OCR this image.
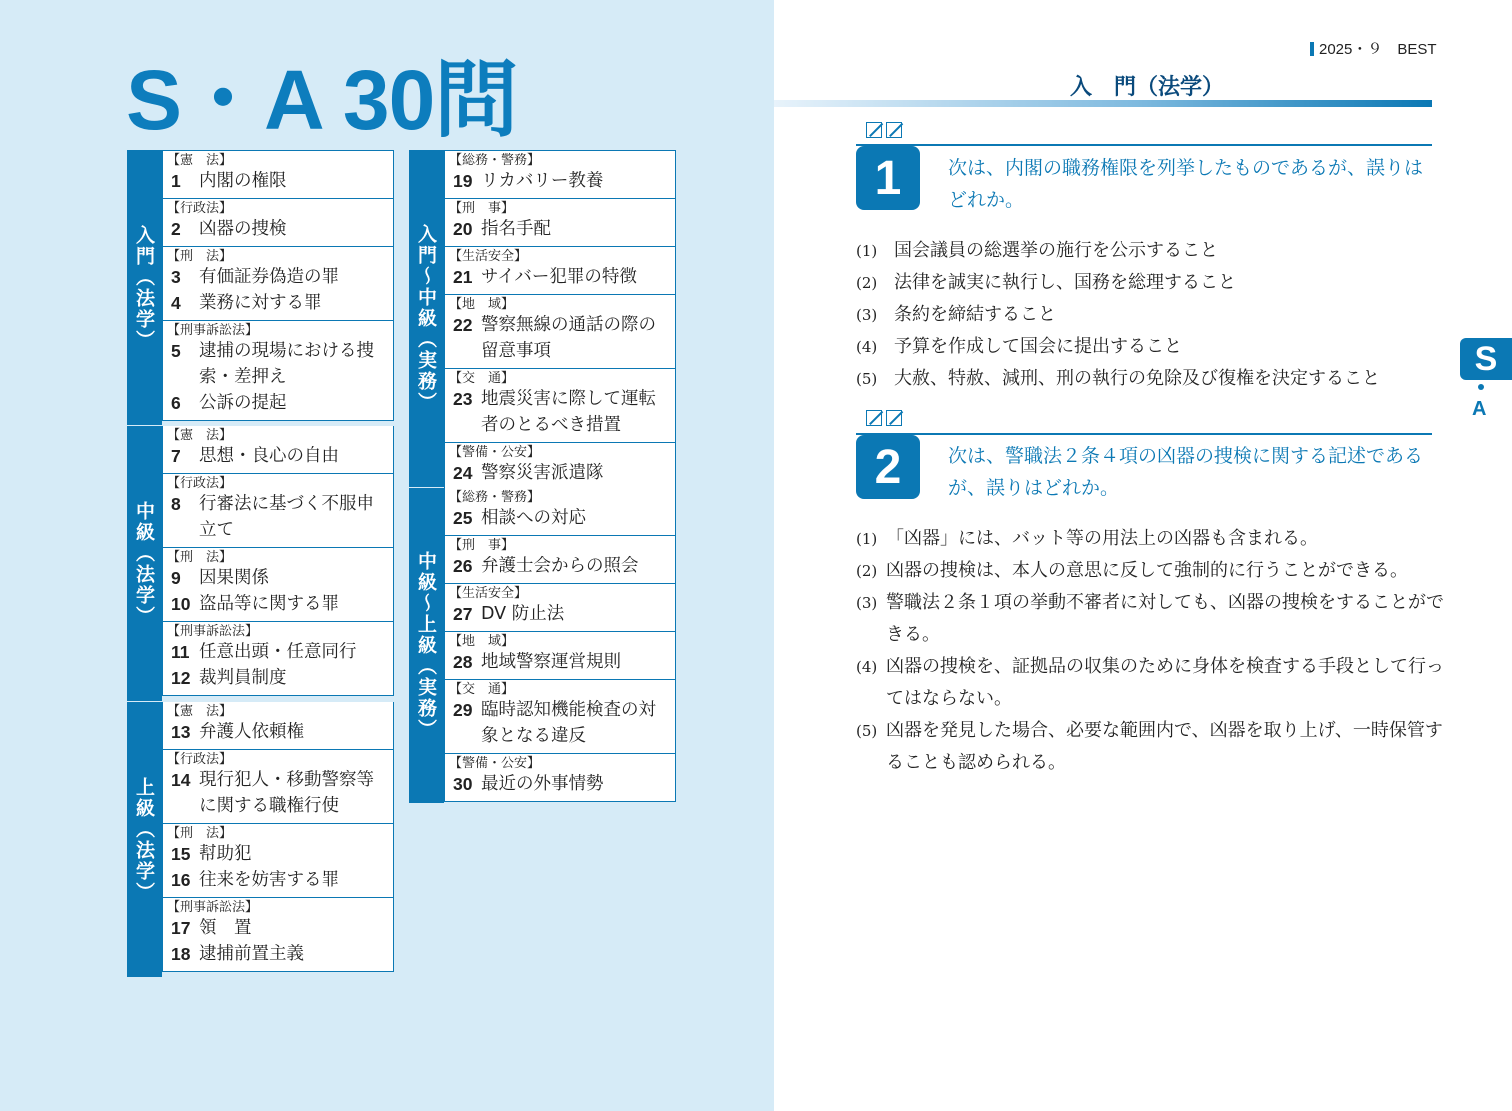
S・A 30問
入門（法学）
【憲　法】
1	内閣の権限
【行政法】
2	凶器の捜検
【刑　法】
3	有価証券偽造の罪
4	業務に対する罪
【刑事訴訟法】
5	逮捕の現場における捜索・差押え
6	公訴の提起
中級（法学）
【憲　法】
7	思想・良心の自由
【行政法】
8	行審法に基づく不服申立て
【刑　法】
9	因果関係
10 盗品等に関する罪
【刑事訴訟法】
11 任意出頭・任意同行
12 裁判員制度
上級（法学）
【憲　法】
13 弁護人依頼権
【行政法】
14 現行犯人・移動警察等に関する職権行使
【刑　法】
15 幇助犯
16 往来を妨害する罪
【刑事訴訟法】
17 領　置
18 逮捕前置主義
入門〜中級（実務）
【総務・警務】
19 リカバリー教養
【刑　事】
20 指名手配
【生活安全】
21 サイバー犯罪の特徴
【地　域】
22 警察無線の通話の際の留意事項
【交　通】
23 地震災害に際して運転者のとるべき措置
【警備・公安】
24 警察災害派遣隊
中級〜上級（実務）
【総務・警務】
25 相談への対応
【刑　事】
26 弁護士会からの照会
【生活安全】
27 DV 防止法
【地　域】
28 地域警察運営規則
【交　通】
29 臨時認知機能検査の対象となる違反
【警備・公安】
30 最近の外事情勢
2025・９　BEST
入　門（法学）
1	次は、内閣の職務権限を列挙したものであるが、誤りはどれか。

(1) 国会議員の総選挙の施行を公示すること
(2) 法律を誠実に執行し、国務を総理すること
(3) 条約を締結すること
(4) 予算を作成して国会に提出すること
(5) 大赦、特赦、減刑、刑の執行の免除及び復権を決定すること
2	次は、警職法２条４項の凶器の捜検に関する記述であるが、誤りはどれか。

(1) 「凶器」には、バット等の用法上の凶器も含まれる。
(2) 凶器の捜検は、本人の意思に反して強制的に行うことができる。
(3) 警職法２条１項の挙動不審者に対しても、凶器の捜検をすることができる。
(4) 凶器の捜検を、証拠品の収集のために身体を検査する手段として行ってはならない。
(5) 凶器を発見した場合、必要な範囲内で、凶器を取り上げ、一時保管することも認められる。
S
A
